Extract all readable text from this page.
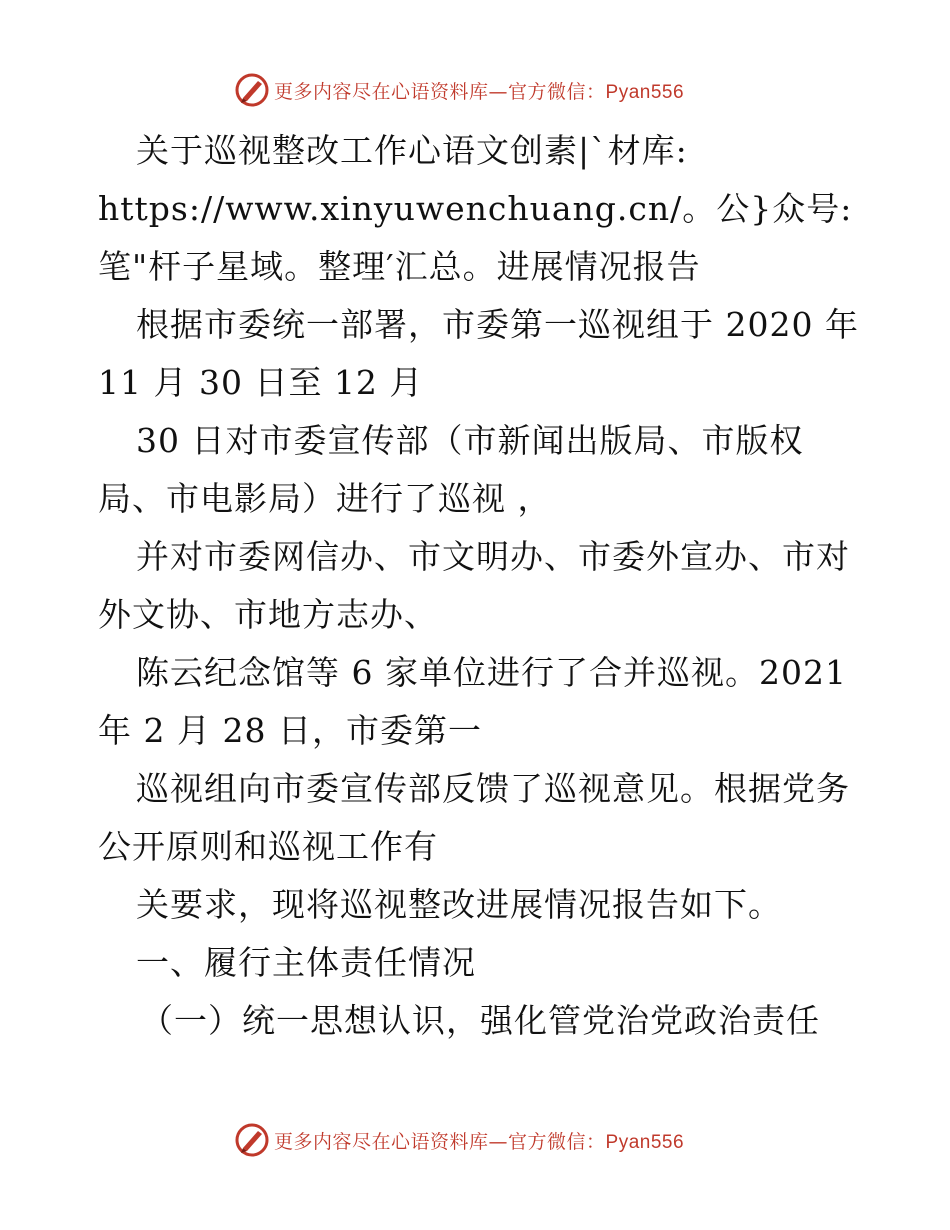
更多内容尽在心语资料库—官方微信：Pyan556
关于巡视整改工作心语文创素|`材库:
https://www.xinyuwenchuang.cn/。公}众号:
笔"杆子星域。整理′汇总。进展情况报告
根据市委统一部署，市委第一巡视组于 2020 年
11 月 30 日至 12 月
30 日对市委宣传部（市新闻出版局、市版权
局、市电影局）进行了巡视 ，
并对市委网信办、市文明办、市委外宣办、市对
外文协、市地方志办、
陈云纪念馆等 6 家单位进行了合并巡视。2021
年 2 月 28 日，市委第一
巡视组向市委宣传部反馈了巡视意见。根据党务
公开原则和巡视工作有
关要求，现将巡视整改进展情况报告如下。
一、履行主体责任情况
（一）统一思想认识，强化管党治党政治责任
更多内容尽在心语资料库—官方微信：Pyan556
